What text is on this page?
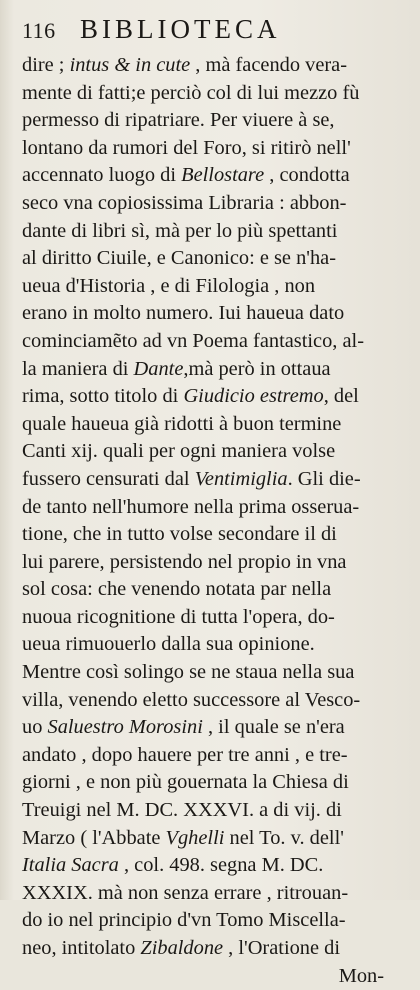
116 BIBLIOTECA
dire ; intus & in cute , mà facendo vera-
mente di fatti;e perciò col di lui mezzo fù
permesso di ripatriare. Per viuere à se,
lontano da rumori del Foro, si ritirò nell'
accennato luogo di Bellostare , condotta
seco vna copiosissima Libraria : abbon-
dante di libri sì, mà per lo più spettanti
al diritto Ciuile, e Canonico: e se n'ha-
ueua d'Historia , e di Filologia , non
erano in molto numero. Iui haueua dato
cominciamẽto ad vn Poema fantastico, al-
la maniera di Dante,mà però in ottaua
rima, sotto titolo di Giudicio estremo, del
quale haueua già ridotti à buon termine
Canti xij. quali per ogni maniera volse
fussero censurati dal Ventimiglia. Gli die-
de tanto nell'humore nella prima osserua-
tione, che in tutto volse secondare il di
lui parere, persistendo nel propio in vna
sol cosa: che venendo notata par nella
nuoua ricognitione di tutta l'opera, do-
ueua rimuouerlo dalla sua opinione.
Mentre così solingo se ne staua nella sua
villa, venendo eletto successore al Vesco-
uo Saluestro Morosini , il quale se n'era
andato , dopo hauere per tre anni , e tre-
giorni , e non più gouernata la Chiesa di
Treuigi nel M. DC. XXXVI. a di vij. di
Marzo ( l'Abbate Vghelli nel To. v. dell'
Italia Sacra , col. 498. segna M. DC.
XXXIX. mà non senza errare , ritrouan-
do io nel principio d'vn Tomo Miscella-
neo, intitolato Zibaldone , l'Oratione di
Mon-
